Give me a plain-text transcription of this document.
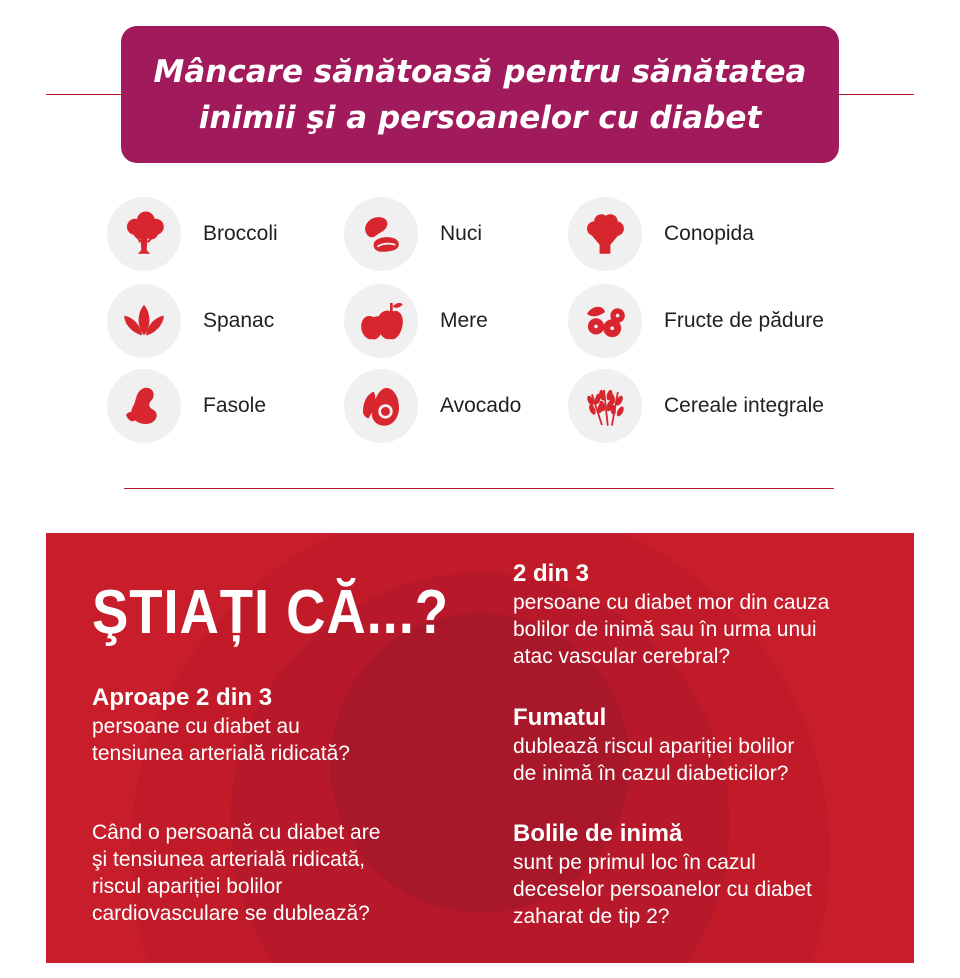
Mâncare sănătoasă pentru sănătatea
inimii şi a persoanelor cu diabet
Broccoli	Nuci	Conopida
Spanac	Mere	Fructe de pădure
Fasole	Avocado	Cereale integrale
ŞTIAȚI CĂ...?
Aproape 2 din 3
persoane cu diabet au
tensiunea arterială ridicată?
Când o persoană cu diabet are
şi tensiunea arterială ridicată,
riscul apariției bolilor
cardiovasculare se dublează?
2 din 3
persoane cu diabet mor din cauza
bolilor de inimă sau în urma unui
atac vascular cerebral?
Fumatul
dublează riscul apariției bolilor
de inimă în cazul diabeticilor?
Bolile de inimă
sunt pe primul loc în cazul
deceselor persoanelor cu diabet
zaharat de tip 2?
